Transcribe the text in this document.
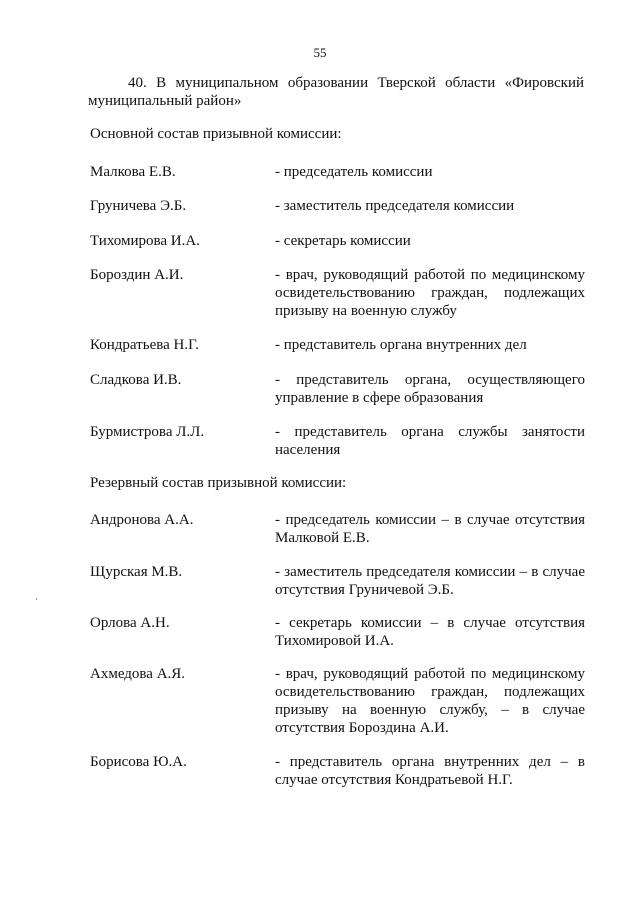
55
40. В муниципальном образовании Тверской области «Фировский
муниципальный район»
Основной состав призывной комиссии:
Малкова Е.В.	- председатель комиссии
Груничева Э.Б.	- заместитель председателя комиссии
Тихомирова И.А.	- секретарь комиссии
Бороздин А.И.	- врач, руководящий работой по медицинскому освидетельствованию граждан, подлежащих призыву на военную службу
Кондратьева Н.Г.	- представитель органа внутренних дел
Сладкова И.В.	- представитель органа, осуществляющего управление в сфере образования
Бурмистрова Л.Л.	- представитель органа службы занятости населения
Резервный состав призывной комиссии:
Андронова А.А.	- председатель комиссии – в случае отсутствия Малковой Е.В.
Щурская М.В.	- заместитель председателя комиссии – в случае отсутствия Груничевой Э.Б.
Орлова А.Н.	- секретарь комиссии – в случае отсутствия Тихомировой И.А.
Ахмедова А.Я.	- врач, руководящий работой по медицинскому освидетельствованию граждан, подлежащих призыву на военную службу, – в случае отсутствия Бороздина А.И.
Борисова Ю.А.	- представитель органа внутренних дел – в случае отсутствия Кондратьевой Н.Г.
